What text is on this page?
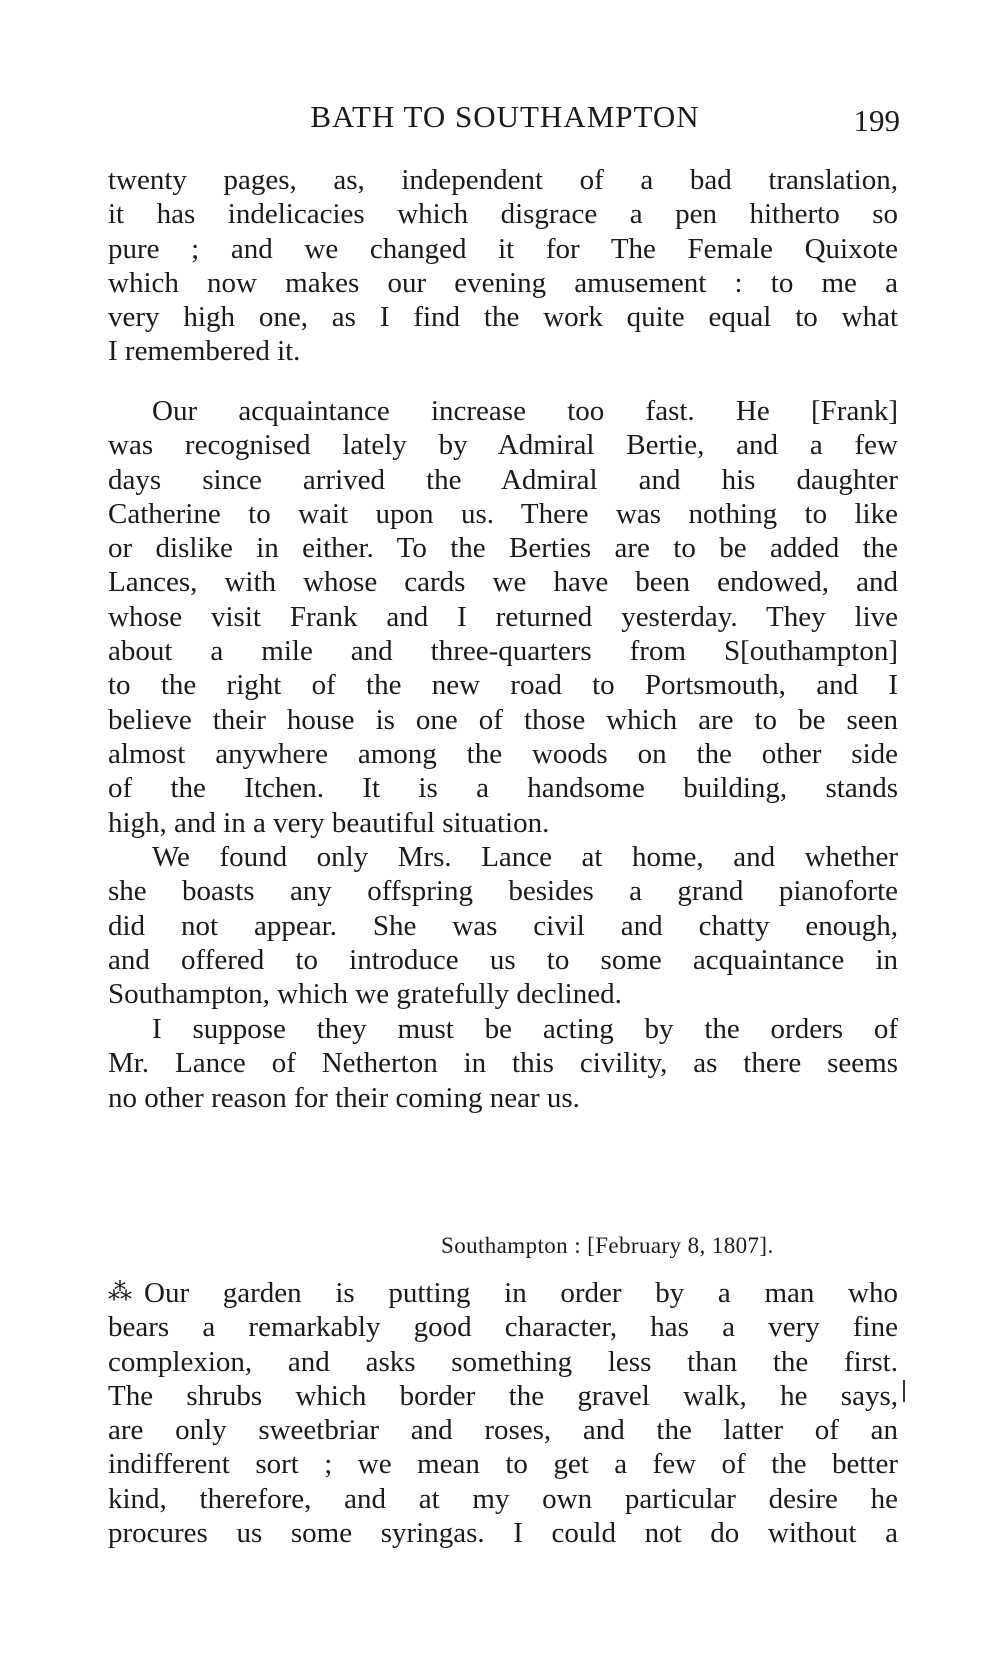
BATH TO SOUTHAMPTON	199
twenty pages, as, independent of a bad translation,
it has indelicacies which disgrace a pen hitherto so
pure ; and we changed it for The Female Quixote
which now makes our evening amusement : to me a
very high one, as I find the work quite equal to what
I remembered it.
Our acquaintance increase too fast. He [Frank]
was recognised lately by Admiral Bertie, and a few
days since arrived the Admiral and his daughter
Catherine to wait upon us. There was nothing to like
or dislike in either. To the Berties are to be added the
Lances, with whose cards we have been endowed, and
whose visit Frank and I returned yesterday. They live
about a mile and three-quarters from S[outhampton]
to the right of the new road to Portsmouth, and I
believe their house is one of those which are to be seen
almost anywhere among the woods on the other side
of the Itchen. It is a handsome building, stands
high, and in a very beautiful situation.
We found only Mrs. Lance at home, and whether
she boasts any offspring besides a grand pianoforte
did not appear. She was civil and chatty enough,
and offered to introduce us to some acquaintance in
Southampton, which we gratefully declined.
I suppose they must be acting by the orders of
Mr. Lance of Netherton in this civility, as there seems
no other reason for their coming near us.
Southampton : [February 8, 1807].
⁂ Our garden is putting in order by a man who
bears a remarkably good character, has a very fine
complexion, and asks something less than the first.
The shrubs which border the gravel walk, he says,
are only sweetbriar and roses, and the latter of an
indifferent sort ; we mean to get a few of the better
kind, therefore, and at my own particular desire he
procures us some syringas. I could not do without a
